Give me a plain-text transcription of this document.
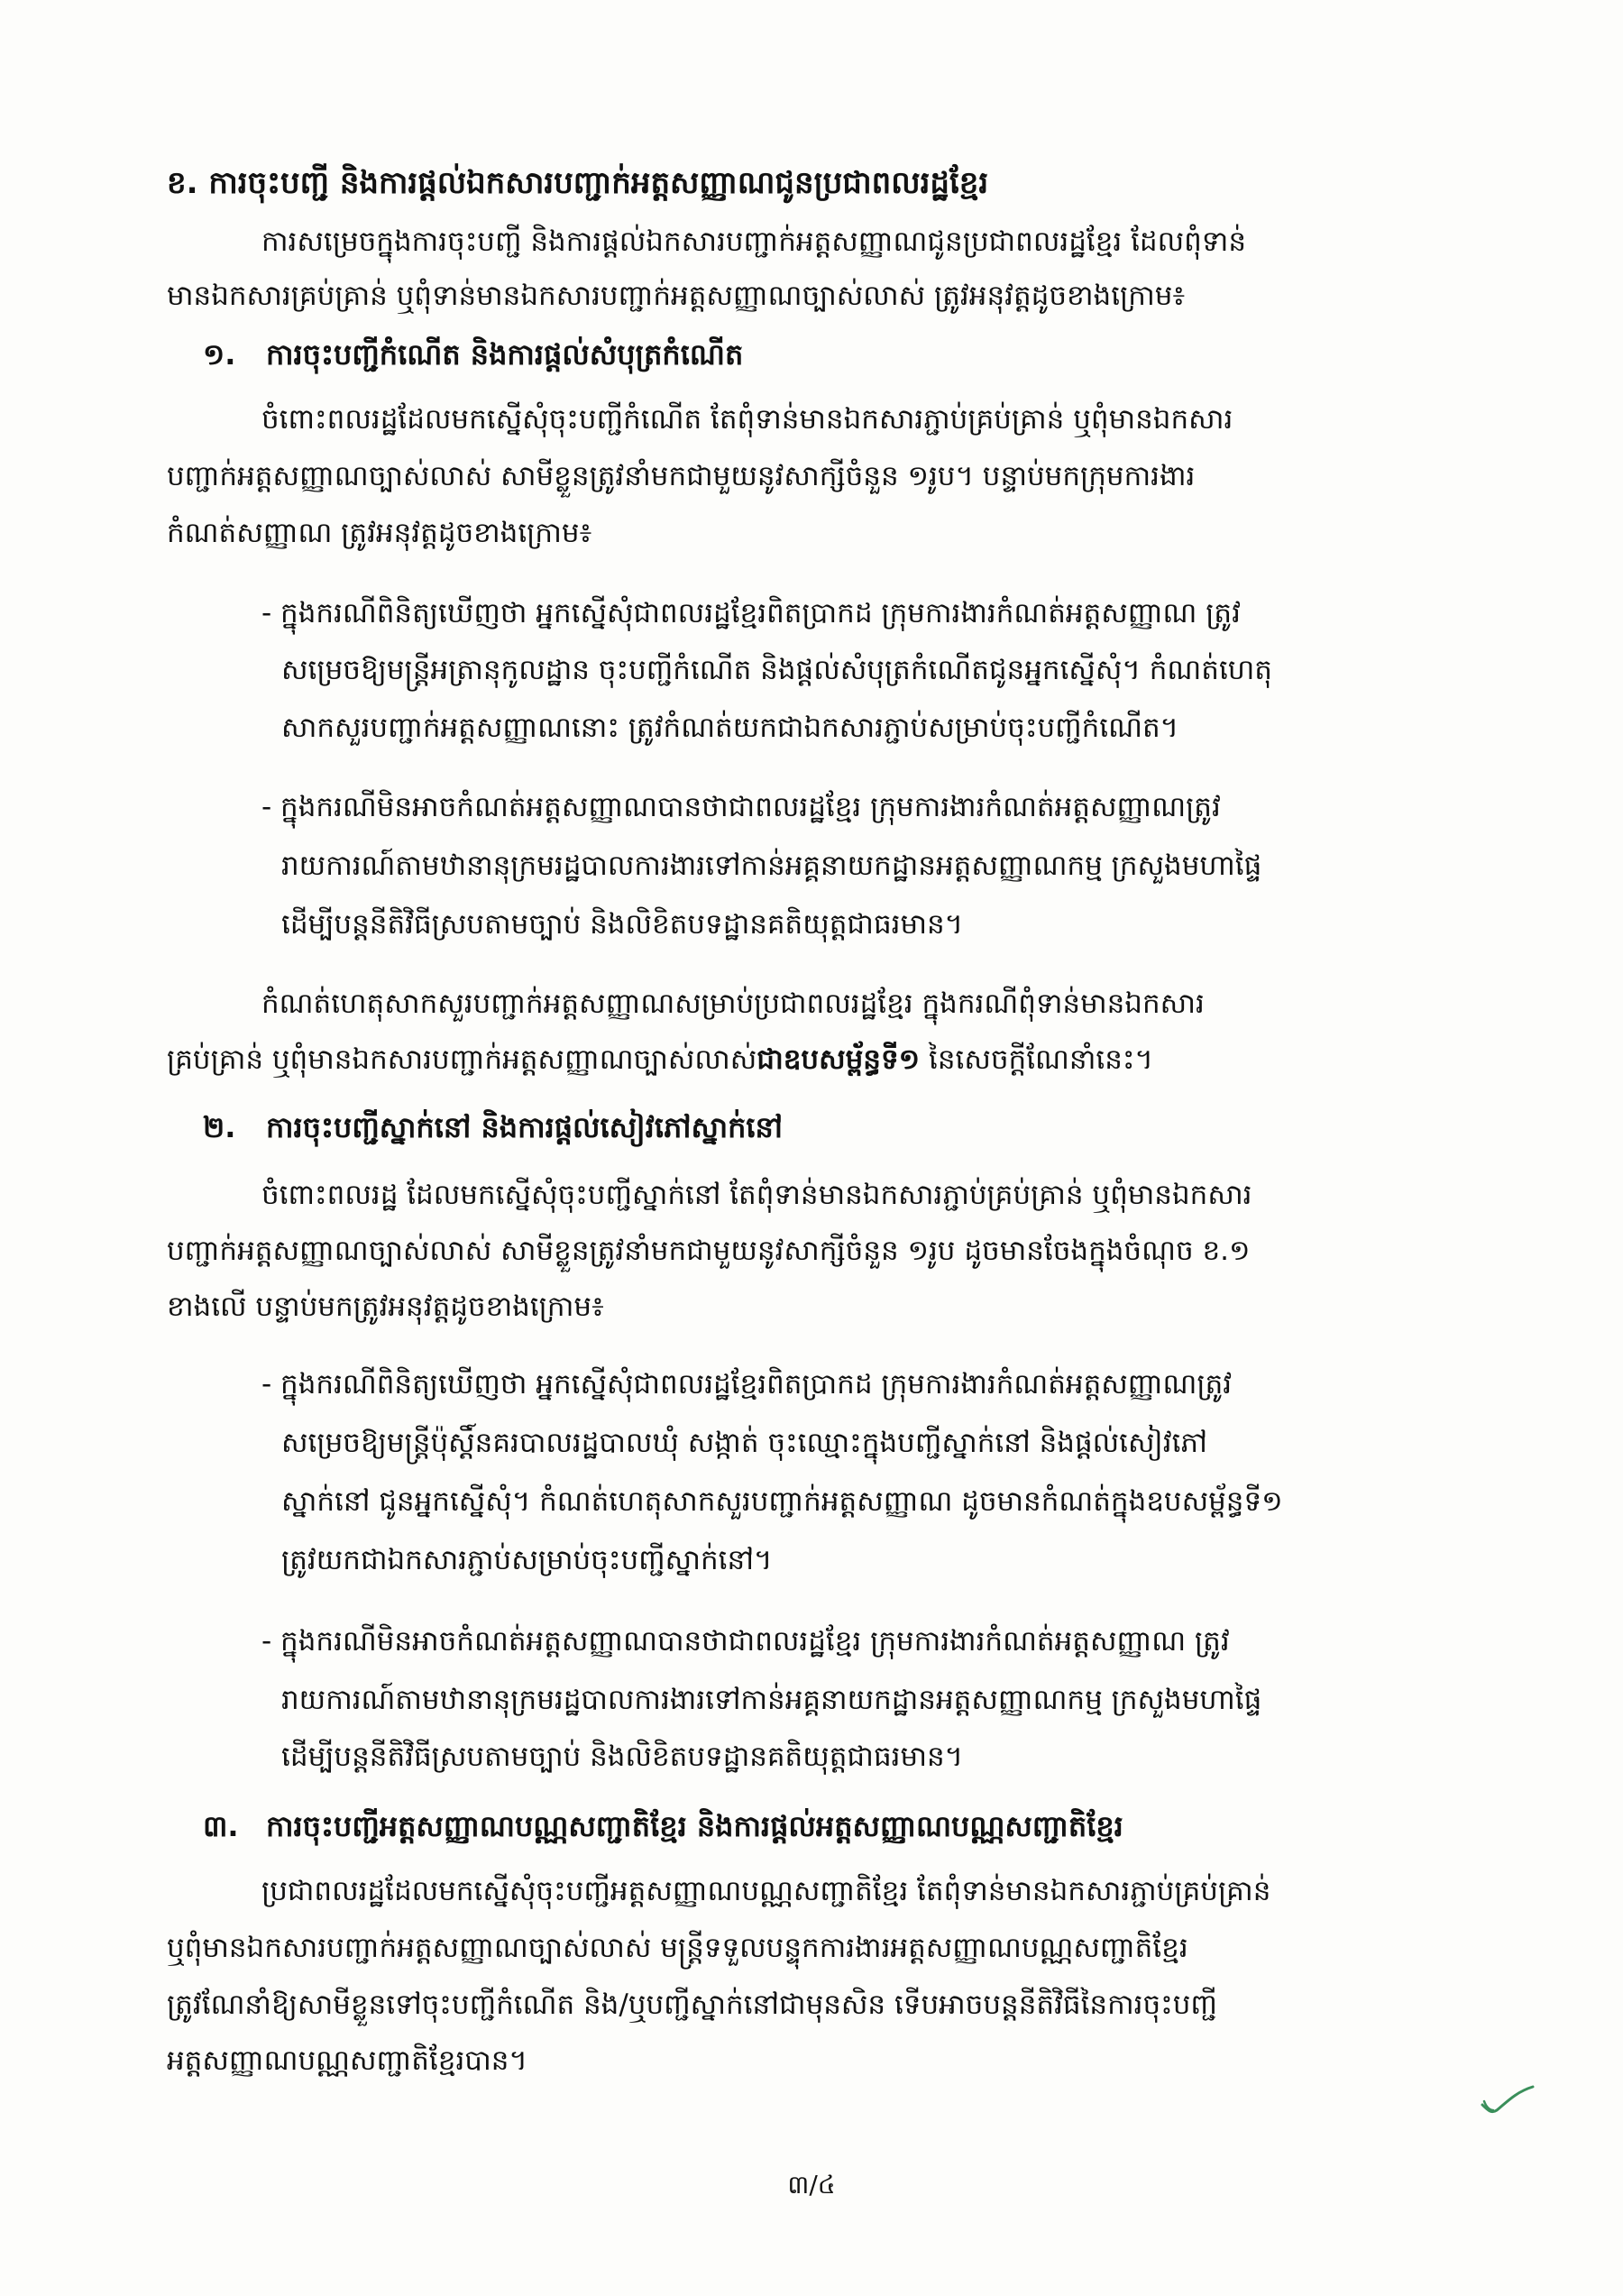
ខ. ការចុះបញ្ជី និងការផ្តល់ឯកសារបញ្ជាក់អត្តសញ្ញាណជូនប្រជាពលរដ្ឋខ្មែរ
ការសម្រេចក្នុងការចុះបញ្ជី និងការផ្តល់ឯកសារបញ្ជាក់អត្តសញ្ញាណជូនប្រជាពលរដ្ឋខ្មែរ ដែលពុំទាន់
មានឯកសារគ្រប់គ្រាន់ ឬពុំទាន់មានឯកសារបញ្ជាក់អត្តសញ្ញាណច្បាស់លាស់ ត្រូវអនុវត្តដូចខាងក្រោម៖
១. ការចុះបញ្ជីកំណើត និងការផ្តល់សំបុត្រកំណើត
ចំពោះពលរដ្ឋដែលមកស្នើសុំចុះបញ្ជីកំណើត តែពុំទាន់មានឯកសារភ្ជាប់គ្រប់គ្រាន់ ឬពុំមានឯកសារ
បញ្ជាក់អត្តសញ្ញាណច្បាស់លាស់ សាមីខ្លួនត្រូវនាំមកជាមួយនូវសាក្សីចំនួន ១រូប។ បន្ទាប់មកក្រុមការងារ
កំណត់សញ្ញាណ ត្រូវអនុវត្តដូចខាងក្រោម៖
- ក្នុងករណីពិនិត្យឃើញថា អ្នកស្នើសុំជាពលរដ្ឋខ្មែរពិតប្រាកដ ក្រុមការងារកំណត់អត្តសញ្ញាណ ត្រូវ
សម្រេចឱ្យមន្ត្រីអត្រានុកូលដ្ឋាន ចុះបញ្ជីកំណើត និងផ្តល់សំបុត្រកំណើតជូនអ្នកស្នើសុំ។ កំណត់ហេតុ
សាកសួរបញ្ជាក់អត្តសញ្ញាណនោះ ត្រូវកំណត់យកជាឯកសារភ្ជាប់សម្រាប់ចុះបញ្ជីកំណើត។
- ក្នុងករណីមិនអាចកំណត់អត្តសញ្ញាណបានថាជាពលរដ្ឋខ្មែរ ក្រុមការងារកំណត់អត្តសញ្ញាណត្រូវ
រាយការណ៍តាមឋានានុក្រមរដ្ឋបាលការងារទៅកាន់អគ្គនាយកដ្ឋានអត្តសញ្ញាណកម្ម ក្រសួងមហាផ្ទៃ
ដើម្បីបន្តនីតិវិធីស្របតាមច្បាប់ និងលិខិតបទដ្ឋានគតិយុត្តជាធរមាន។
កំណត់ហេតុសាកសួរបញ្ជាក់អត្តសញ្ញាណសម្រាប់ប្រជាពលរដ្ឋខ្មែរ ក្នុងករណីពុំទាន់មានឯកសារ
គ្រប់គ្រាន់ ឬពុំមានឯកសារបញ្ជាក់អត្តសញ្ញាណច្បាស់លាស់ជាឧបសម្ព័ន្ធទី១ នៃសេចក្តីណែនាំនេះ។
២. ការចុះបញ្ជីស្នាក់នៅ និងការផ្តល់សៀវភៅស្នាក់នៅ
ចំពោះពលរដ្ឋ ដែលមកស្នើសុំចុះបញ្ជីស្នាក់នៅ តែពុំទាន់មានឯកសារភ្ជាប់គ្រប់គ្រាន់ ឬពុំមានឯកសារ
បញ្ជាក់អត្តសញ្ញាណច្បាស់លាស់ សាមីខ្លួនត្រូវនាំមកជាមួយនូវសាក្សីចំនួន ១រូប ដូចមានចែងក្នុងចំណុច ខ.១
ខាងលើ បន្ទាប់មកត្រូវអនុវត្តដូចខាងក្រោម៖
- ក្នុងករណីពិនិត្យឃើញថា អ្នកស្នើសុំជាពលរដ្ឋខ្មែរពិតប្រាកដ ក្រុមការងារកំណត់អត្តសញ្ញាណត្រូវ
សម្រេចឱ្យមន្ត្រីប៉ុស្តិ៍នគរបាលរដ្ឋបាលឃុំ សង្កាត់ ចុះឈ្មោះក្នុងបញ្ជីស្នាក់នៅ និងផ្តល់សៀវភៅ
ស្នាក់នៅ ជូនអ្នកស្នើសុំ។ កំណត់ហេតុសាកសួរបញ្ជាក់អត្តសញ្ញាណ ដូចមានកំណត់ក្នុងឧបសម្ព័ន្ធទី១
ត្រូវយកជាឯកសារភ្ជាប់សម្រាប់ចុះបញ្ជីស្នាក់នៅ។
- ក្នុងករណីមិនអាចកំណត់អត្តសញ្ញាណបានថាជាពលរដ្ឋខ្មែរ ក្រុមការងារកំណត់អត្តសញ្ញាណ ត្រូវ
រាយការណ៍តាមឋានានុក្រមរដ្ឋបាលការងារទៅកាន់អគ្គនាយកដ្ឋានអត្តសញ្ញាណកម្ម ក្រសួងមហាផ្ទៃ
ដើម្បីបន្តនីតិវិធីស្របតាមច្បាប់ និងលិខិតបទដ្ឋានគតិយុត្តជាធរមាន។
៣. ការចុះបញ្ជីអត្តសញ្ញាណបណ្ណសញ្ជាតិខ្មែរ និងការផ្តល់អត្តសញ្ញាណបណ្ណសញ្ជាតិខ្មែរ
ប្រជាពលរដ្ឋដែលមកស្នើសុំចុះបញ្ជីអត្តសញ្ញាណបណ្ណសញ្ជាតិខ្មែរ តែពុំទាន់មានឯកសារភ្ជាប់គ្រប់គ្រាន់
ឬពុំមានឯកសារបញ្ជាក់អត្តសញ្ញាណច្បាស់លាស់ មន្ត្រីទទួលបន្ទុកការងារអត្តសញ្ញាណបណ្ណសញ្ជាតិខ្មែរ
ត្រូវណែនាំឱ្យសាមីខ្លួនទៅចុះបញ្ជីកំណើត និង/ឬបញ្ជីស្នាក់នៅជាមុនសិន ទើបអាចបន្តនីតិវិធីនៃការចុះបញ្ជី
អត្តសញ្ញាណបណ្ណសញ្ជាតិខ្មែរបាន។
៣/៤
